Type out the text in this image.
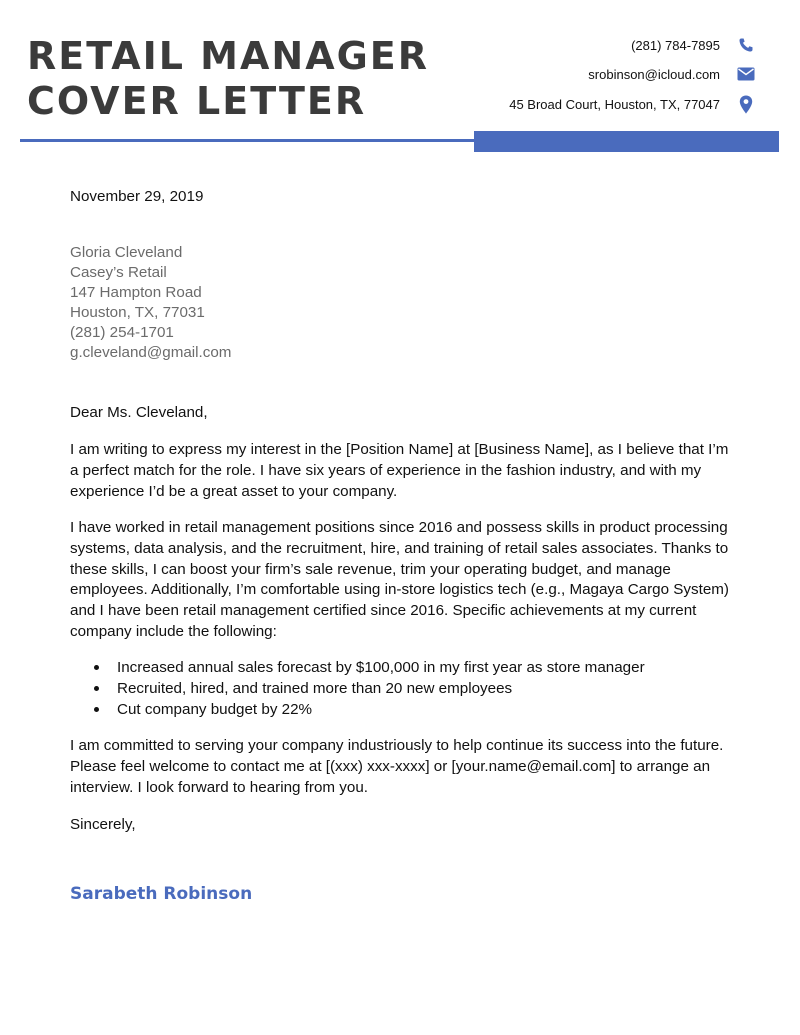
RETAIL MANAGER
COVER LETTER
(281) 784-7895
srobinson@icloud.com
45 Broad Court, Houston, TX, 77047
November 29, 2019
Gloria Cleveland
Casey’s Retail
147 Hampton Road
Houston, TX, 77031
(281) 254-1701
g.cleveland@gmail.com
Dear Ms. Cleveland,

I am writing to express my interest in the [Position Name] at [Business Name], as I believe that I’m a perfect match for the role. I have six years of experience in the fashion industry, and with my experience I’d be a great asset to your company.

I have worked in retail management positions since 2016 and possess skills in product processing systems, data analysis, and the recruitment, hire, and training of retail sales associates. Thanks to these skills, I can boost your firm’s sale revenue, trim your operating budget, and manage employees. Additionally, I’m comfortable using in-store logistics tech (e.g., Magaya Cargo System) and I have been retail management certified since 2016. Specific achievements at my current company include the following:

Increased annual sales forecast by $100,000 in my first year as store manager
Recruited, hired, and trained more than 20 new employees
Cut company budget by 22%

I am committed to serving your company industriously to help continue its success into the future. Please feel welcome to contact me at [(xxx) xxx-xxxx] or [your.name@email.com] to arrange an interview. I look forward to hearing from you.

Sincerely,
Sarabeth Robinson
